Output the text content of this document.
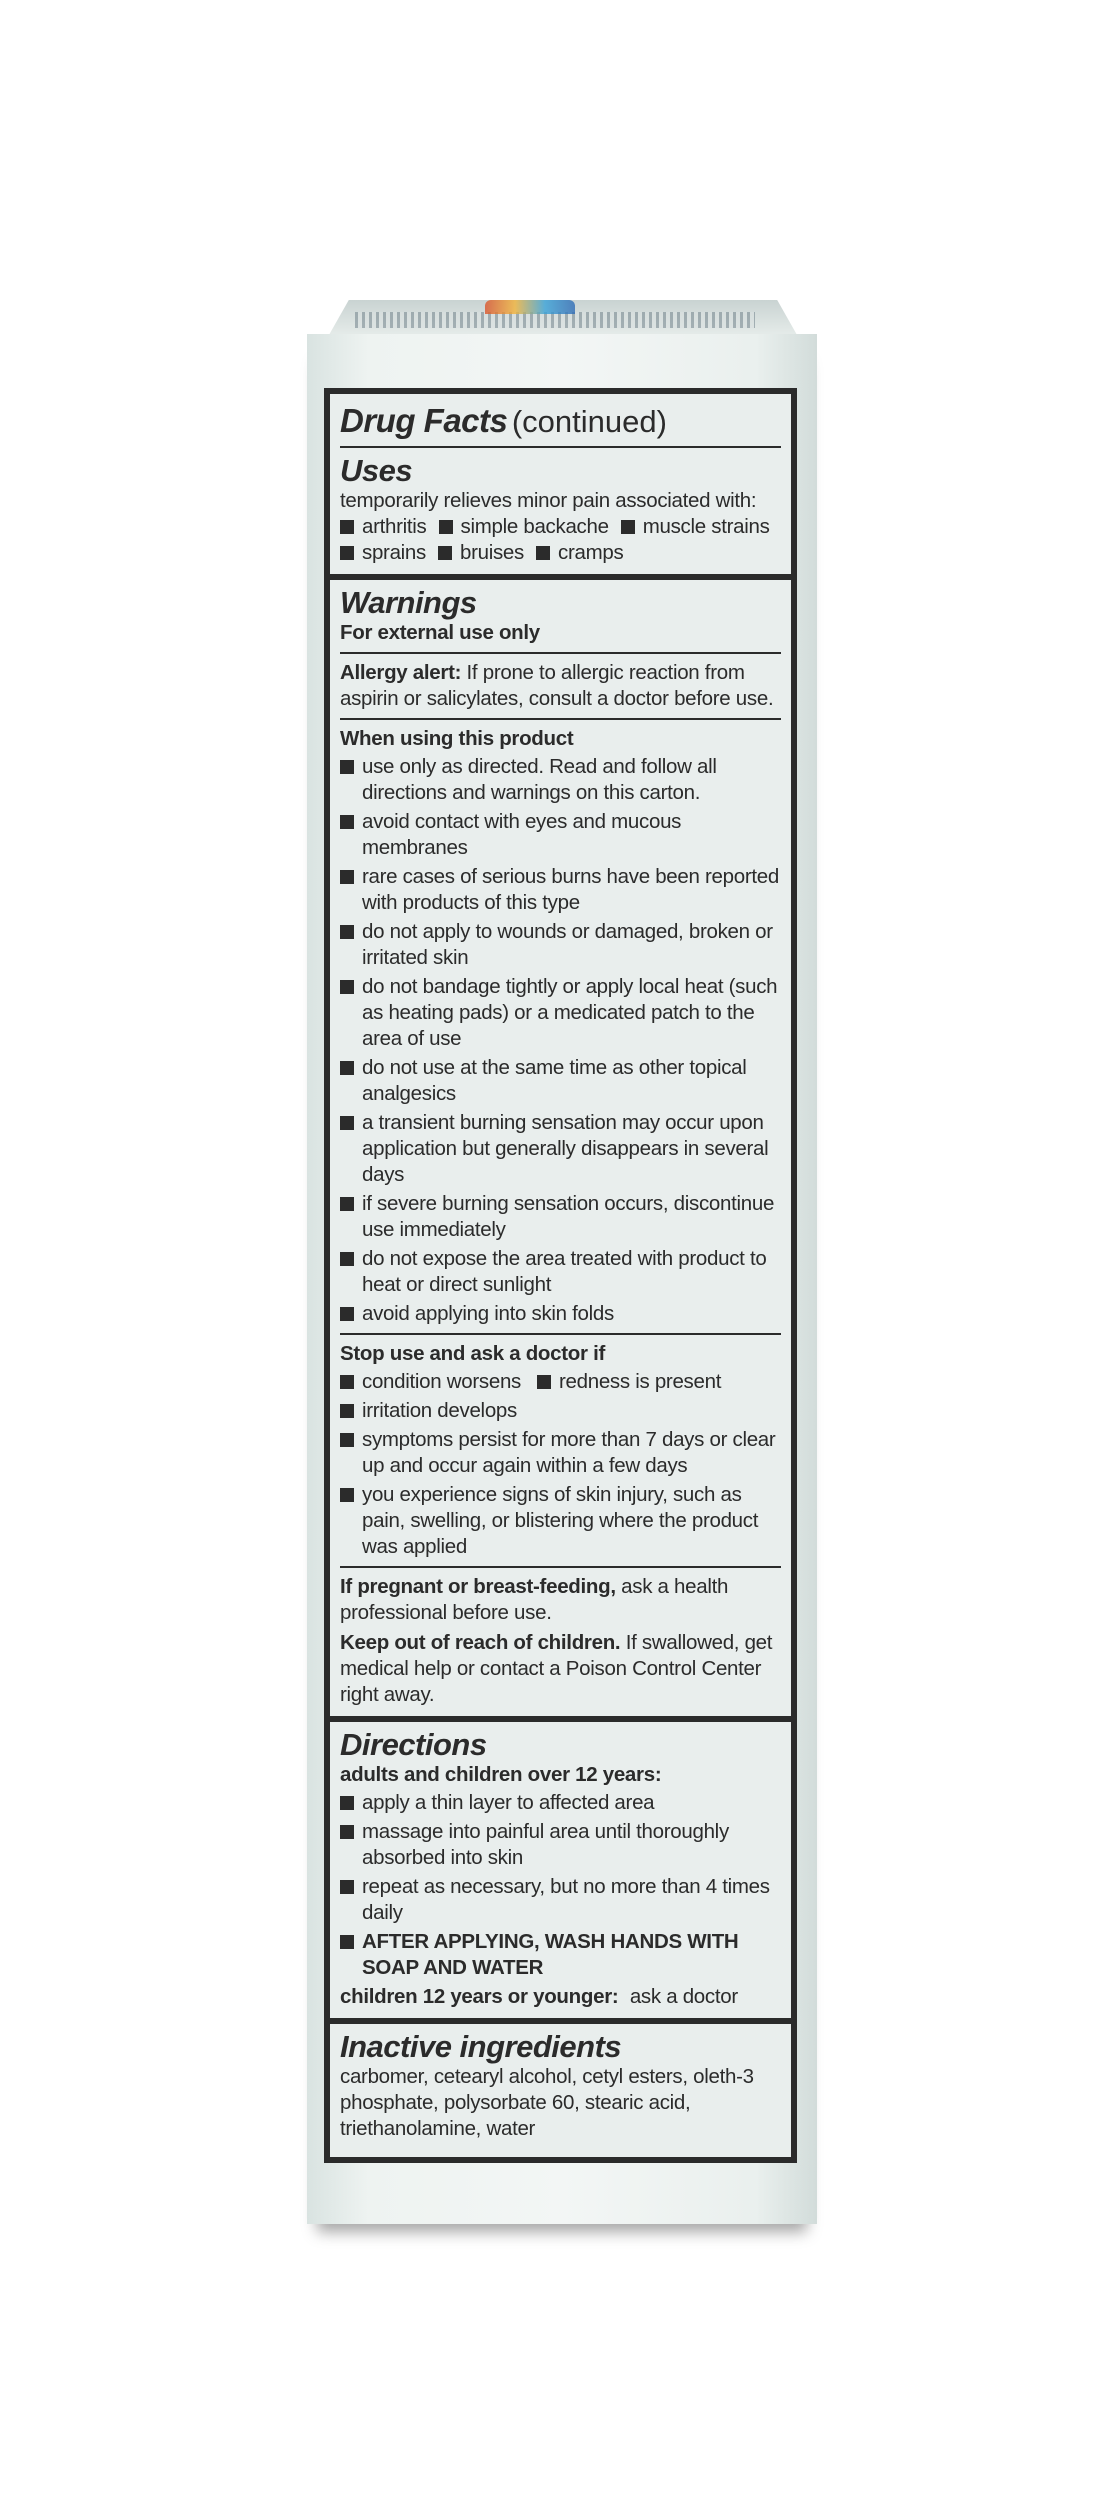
Drug Facts (continued)
Uses
temporarily relieves minor pain associated with:
arthritis simple backache muscle strains
sprains bruises cramps
Warnings
For external use only
Allergy alert: If prone to allergic reaction from aspirin or salicylates, consult a doctor before use.
When using this product
use only as directed. Read and follow all directions and warnings on this carton.
avoid contact with eyes and mucous membranes
rare cases of serious burns have been reported with products of this type
do not apply to wounds or damaged, broken or irritated skin
do not bandage tightly or apply local heat (such as heating pads) or a medicated patch to the area of use
do not use at the same time as other topical analgesics
a transient burning sensation may occur upon application but generally disappears in several days
if severe burning sensation occurs, discontinue use immediately
do not expose the area treated with product to heat or direct sunlight
avoid applying into skin folds
Stop use and ask a doctor if
condition worsens	redness is present
irritation develops
symptoms persist for more than 7 days or clear up and occur again within a few days
you experience signs of skin injury, such as pain, swelling, or blistering where the product was applied
If pregnant or breast-feeding, ask a health professional before use.
Keep out of reach of children. If swallowed, get medical help or contact a Poison Control Center right away.
Directions
adults and children over 12 years:
apply a thin layer to affected area
massage into painful area until thoroughly absorbed into skin
repeat as necessary, but no more than 4 times daily
AFTER APPLYING, WASH HANDS WITH SOAP AND WATER
children 12 years or younger: ask a doctor
Inactive ingredients
carbomer, cetearyl alcohol, cetyl esters, oleth-3 phosphate, polysorbate 60, stearic acid, triethanolamine, water
